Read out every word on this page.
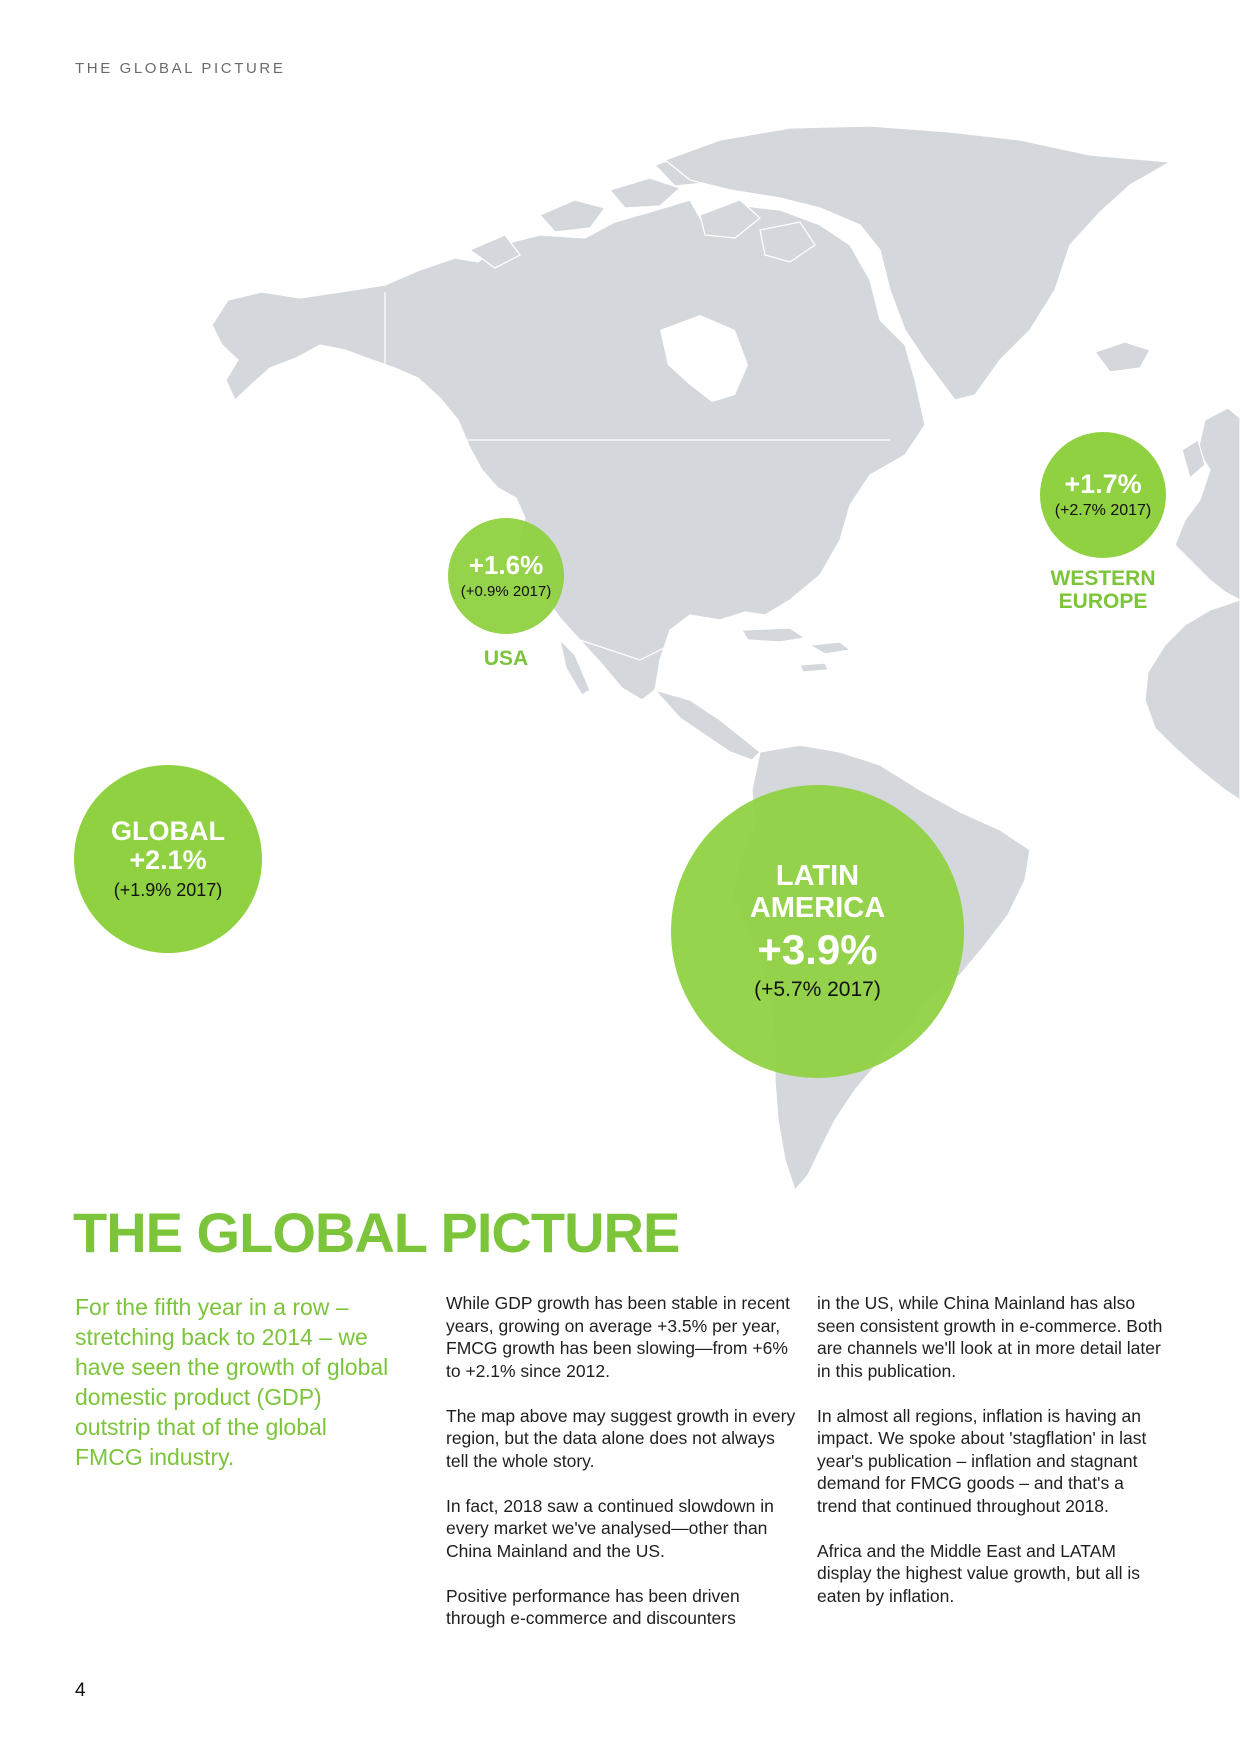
THE GLOBAL PICTURE
GLOBAL
+2.1%
(+1.9% 2017)
+1.6%
(+0.9% 2017)
USA
+1.7%
(+2.7% 2017)
WESTERN
EUROPE
LATIN
AMERICA
+3.9%
(+5.7% 2017)
THE GLOBAL PICTURE
For the fifth year in a row – stretching back to 2014 – we have seen the growth of global domestic product (GDP) outstrip that of the global FMCG industry.

While GDP growth has been stable in recent years, growing on average +3.5% per year, FMCG growth has been slowing—from +6% to +2.1% since 2012.

The map above may suggest growth in every region, but the data alone does not always tell the whole story.

In fact, 2018 saw a continued slowdown in every market we've analysed—other than China Mainland and the US.

Positive performance has been driven through e-commerce and discounters

in the US, while China Mainland has also seen consistent growth in e-commerce. Both are channels we'll look at in more detail later in this publication.

In almost all regions, inflation is having an impact. We spoke about 'stagflation' in last year's publication – inflation and stagnant demand for FMCG goods – and that's a trend that continued throughout 2018.

Africa and the Middle East and LATAM display the highest value growth, but all is eaten by inflation.

4
